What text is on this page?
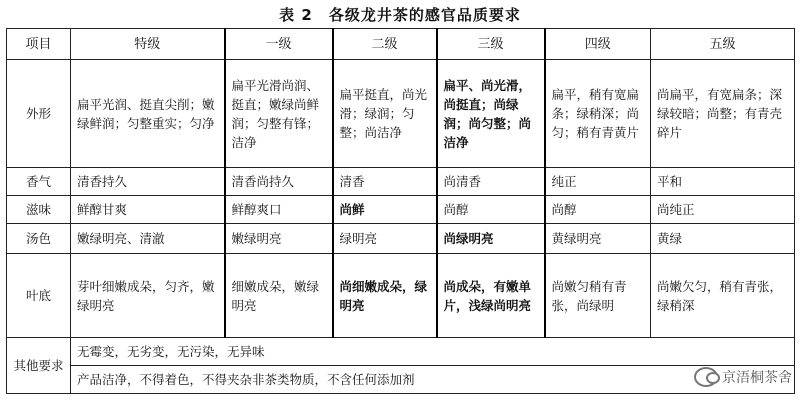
表 2　各级龙井茶的感官品质要求
项目	特级	一级	二级	三级	四级	五级
外形	扁平光润、挺直尖削；嫩绿鲜润；匀整重实；匀净	扁平光滑尚润、挺直；嫩绿尚鲜润；匀整有锋；洁净	扁平挺直，尚光滑；绿润；匀整；尚洁净	扁平、尚光滑，尚挺直；尚绿润；尚匀整；尚洁净	扁平，稍有宽扁条；绿稍深；尚匀；稍有青黄片	尚扁平，有宽扁条；深绿较暗；尚整；有青壳碎片
香气	清香持久	清香尚持久	清香	尚清香	纯正	平和
滋味	鲜醇甘爽	鲜醇爽口	尚鲜	尚醇	尚醇	尚纯正
汤色	嫩绿明亮、清澈	嫩绿明亮	绿明亮	尚绿明亮	黄绿明亮	黄绿
叶底	芽叶细嫩成朵，匀齐，嫩绿明亮	细嫩成朵，嫩绿明亮	尚细嫩成朵，绿明亮	尚成朵，有嫩单片，浅绿尚明亮	尚嫩匀稍有青张，尚绿明	尚嫩欠匀，稍有青张，绿稍深
其他要求	无霉变，无劣变，无污染，无异味					
	产品洁净，不得着色，不得夹杂非茶类物质，不含任何添加剂						京浯桐茶舍
